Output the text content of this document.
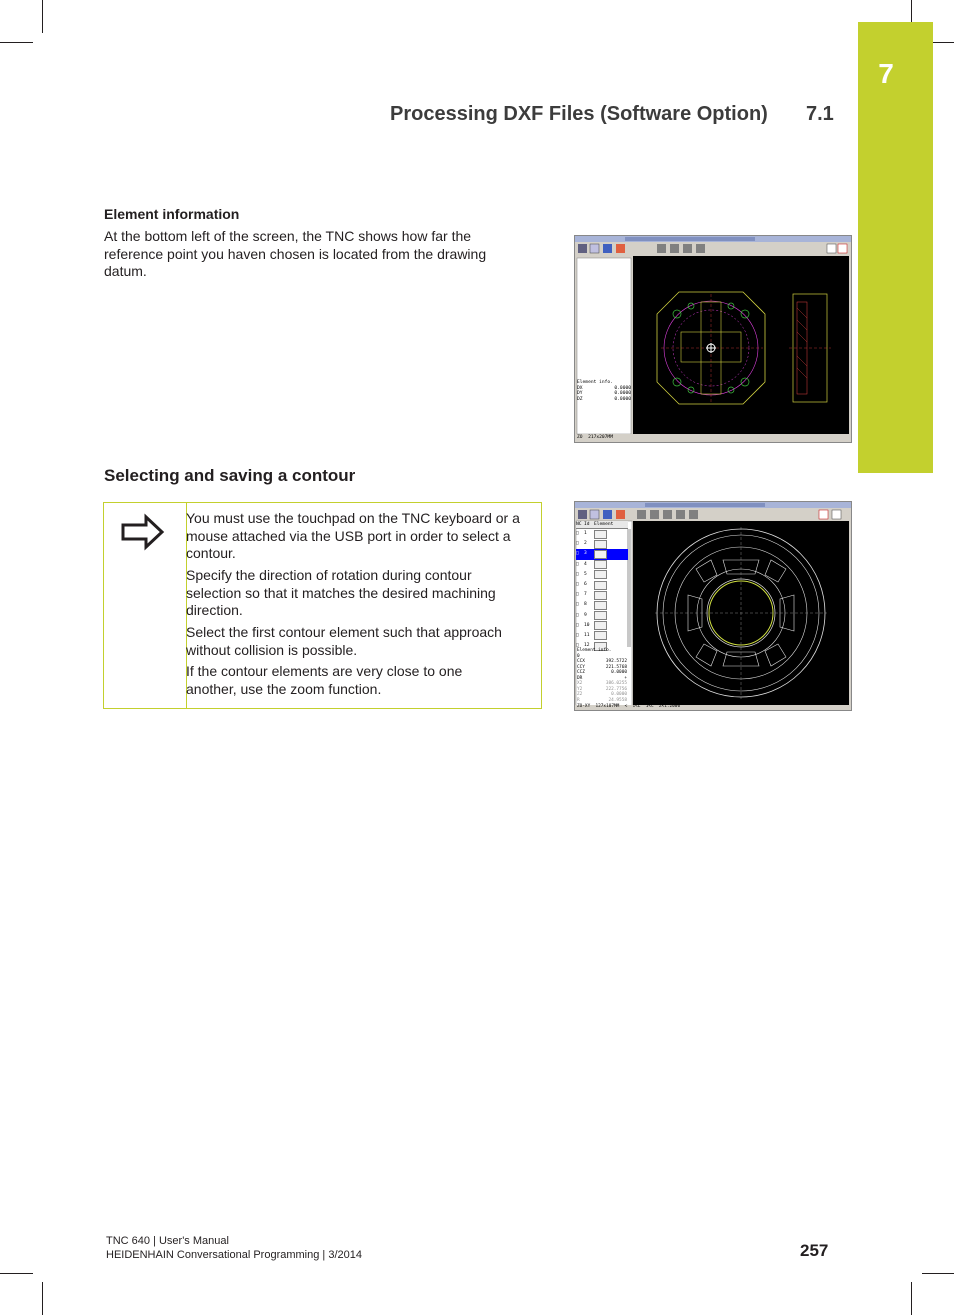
7
Processing DXF Files (Software Option) 7.1
Element information
At the bottom left of the screen, the TNC shows how far the
reference point you haven chosen is located from the drawing
datum.
Element info.
DX	0.0000
DY	0.0000
DZ	0.0000
ZO  217x207MM
Selecting and saving a contour
You must use the touchpad on the TNC keyboard or a
mouse attached via the USB port in order to select a
contour.
Specify the direction of rotation during contour
selection so that it matches the desired machining
direction.
Select the first contour element such that approach
without collision is possible.
If the contour elements are very close to one
another, use the zoom function.
NC Id Element
□	1
□	2
□	3
□	4
□	5
□	6
□	7
□	8
□	9
□	10
□	11
□	12
Element info.
0
CCX	392.5722
CCY	221.5768
CCZ	0.0000
DR	+
X2	386.0255
Y2	222.7756
Z2	0.0000
R	24.9558
ZO-XY  127x107MM  <  1<L  1<C  Z<1.2000
TNC 640 | User's Manual
HEIDENHAIN Conversational Programming | 3/2014	257
